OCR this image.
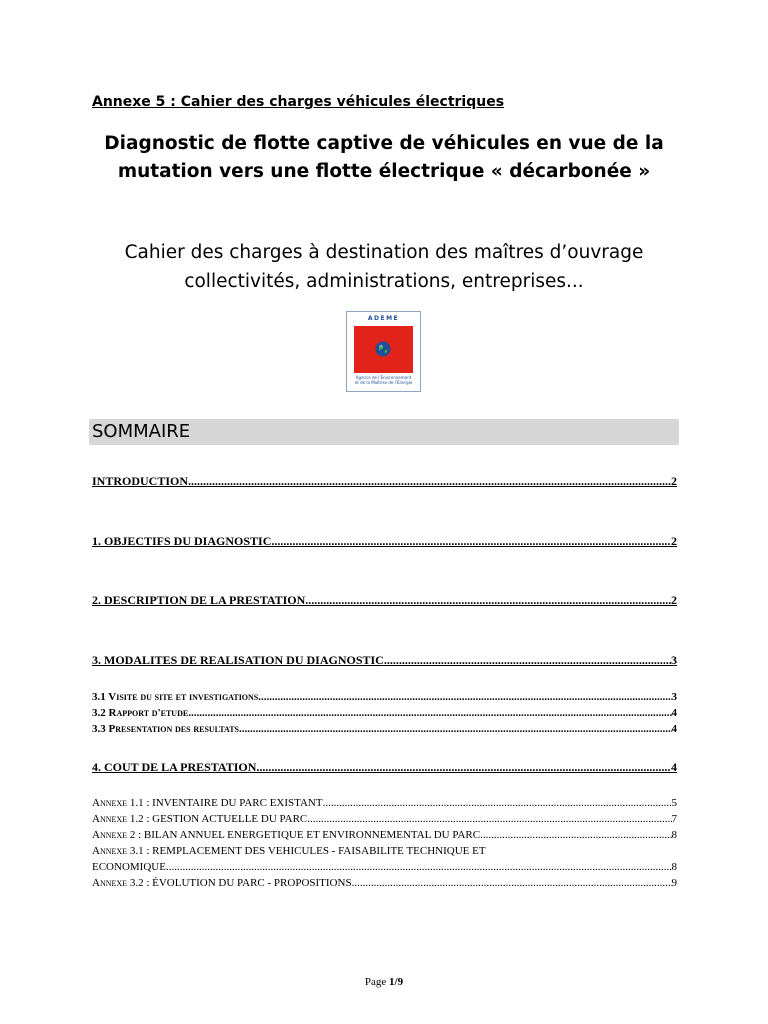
Annexe 5 : Cahier des charges véhicules électriques
Diagnostic de flotte captive de véhicules en vue de la
mutation vers une flotte électrique « décarbonée »
Cahier des charges à destination des maîtres d’ouvrage
collectivités, administrations, entreprises...
ADEME
Agence de l’Environnement
et de la Maîtrise de l’Énergie
SOMMAIRE
INTRODUCTION .....	2
1. OBJECTIFS DU DIAGNOSTIC .....	2
2. DESCRIPTION DE LA PRESTATION .....	2
3. MODALITES DE REALISATION DU DIAGNOSTIC .....	3
3.1 Visite du site et investigations .....	3
3.2 Rapport d'etude .....	4
3.3 Presentation des resultats .....	4
4. COUT DE LA PRESTATION .....	4
Annexe 1.1 : INVENTAIRE DU PARC EXISTANT .....	5
Annexe 1.2 : GESTION ACTUELLE DU PARC .....	7
Annexe 2 : BILAN ANNUEL ENERGETIQUE ET ENVIRONNEMENTAL DU PARC .....	8
Annexe 3.1 : REMPLACEMENT DES VEHICULES - FAISABILITE TECHNIQUE ET
ECONOMIQUE .....	8
Annexe 3.2 : ÉVOLUTION DU PARC - PROPOSITIONS .....	9
Page 1/9
